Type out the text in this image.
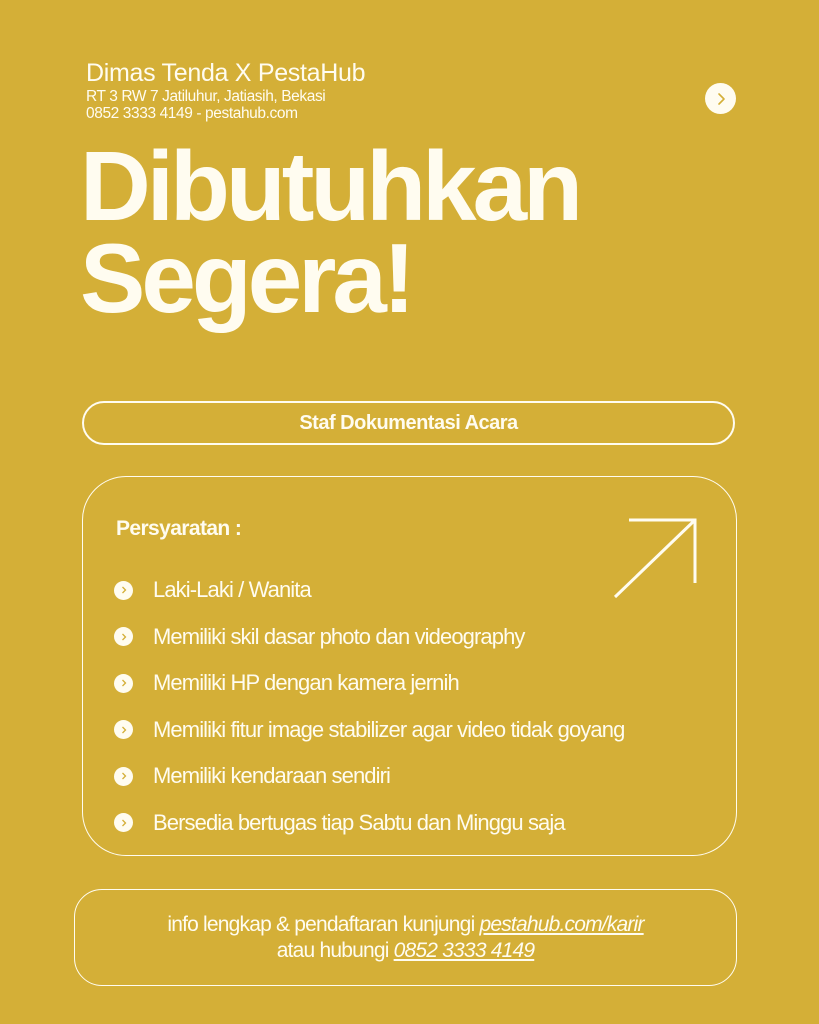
Dimas Tenda X PestaHub
RT 3 RW 7 Jatiluhur, Jatiasih, Bekasi
0852 3333 4149 - pestahub.com
Dibutuhkan
Segera!
Staf Dokumentasi Acara
Persyaratan :
Laki-Laki / Wanita
Memiliki skil dasar photo dan videography
Memiliki HP dengan kamera jernih
Memiliki fitur image stabilizer agar video tidak goyang
Memiliki kendaraan sendiri
Bersedia bertugas tiap Sabtu dan Minggu saja
info lengkap & pendaftaran kunjungi pestahub.com/karir
atau hubungi 0852 3333 4149
